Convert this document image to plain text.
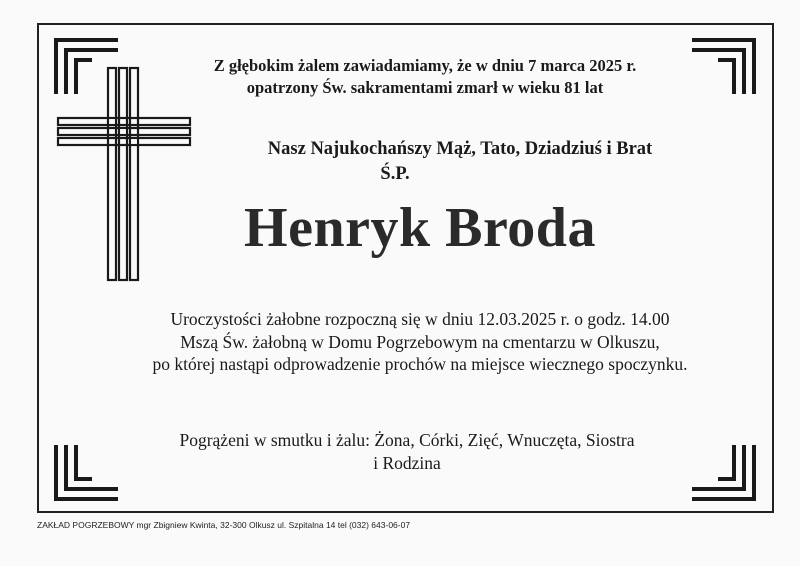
Z głębokim żalem zawiadamiamy, że w dniu 7 marca 2025 r.
opatrzony Św. sakramentami zmarł w wieku 81 lat
Nasz Najukochańszy Mąż, Tato, Dziadziuś i Brat
Ś.P.
Henryk Broda
Uroczystości żałobne rozpoczną się w dniu 12.03.2025 r. o godz. 14.00
Mszą Św. żałobną w Domu Pogrzebowym na cmentarzu w Olkuszu,
po której nastąpi odprowadzenie prochów na miejsce wiecznego spoczynku.
Pogrążeni w smutku i żalu: Żona, Córki, Zięć, Wnuczęta, Siostra
i Rodzina
ZAKŁAD POGRZEBOWY mgr Zbigniew Kwinta, 32-300 Olkusz ul. Szpitalna 14 tel (032) 643-06-07
